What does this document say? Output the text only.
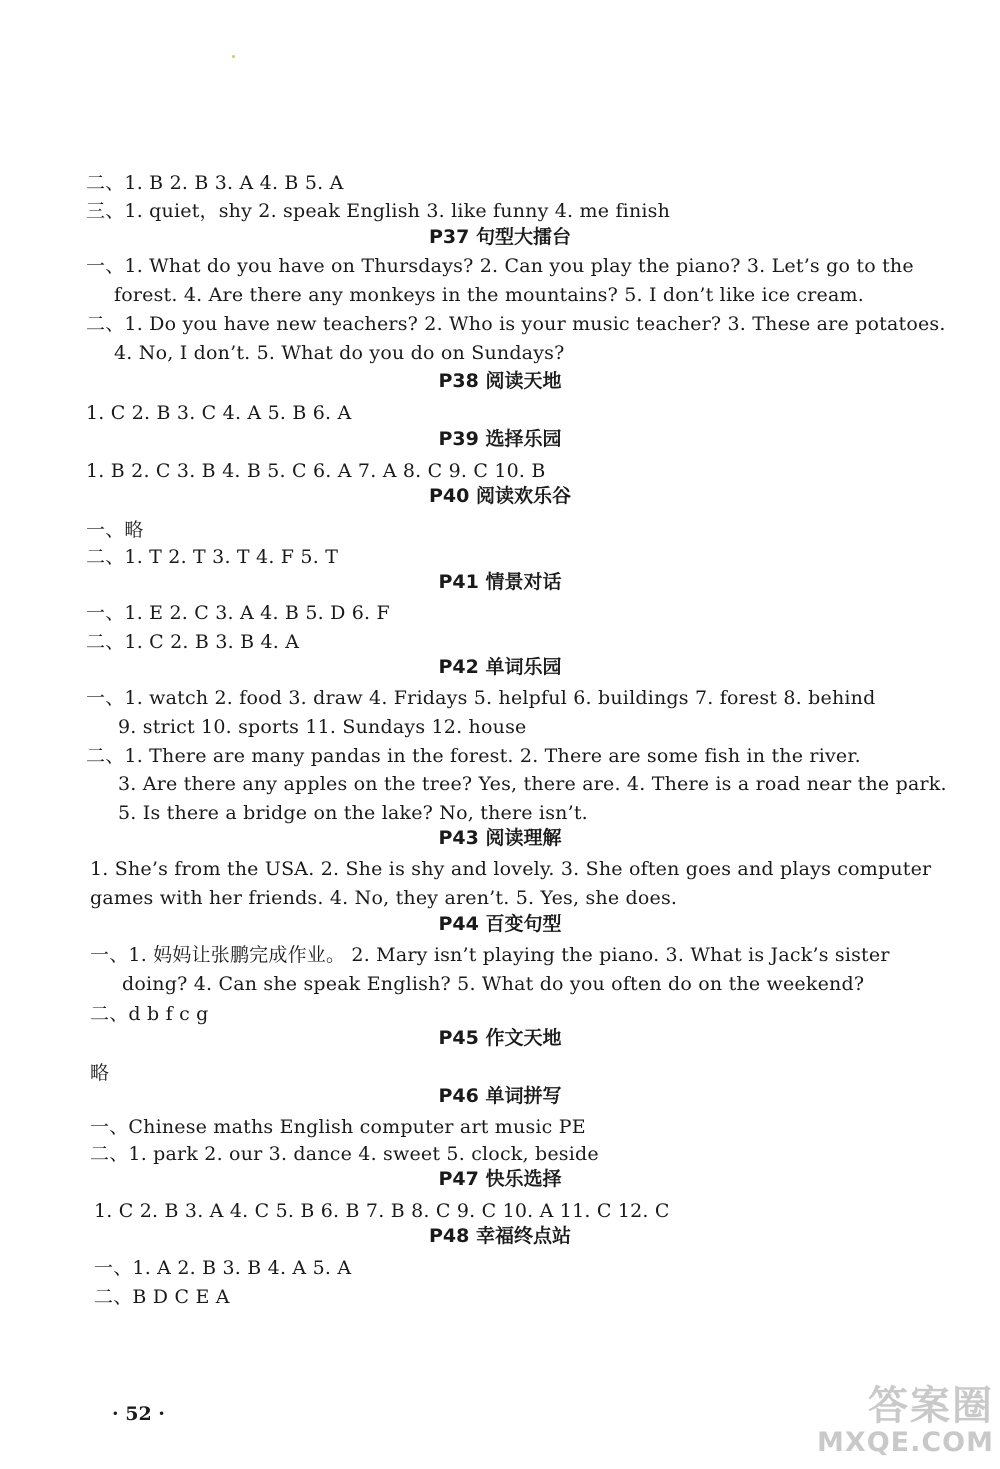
二、1. B 2. B 3. A 4. B 5. A
三、1. quiet，shy 2. speak English 3. like funny 4. me finish
P37 句型大擂台
一、1. What do you have on Thursdays? 2. Can you play the piano? 3. Let’s go to the
forest. 4. Are there any monkeys in the mountains? 5. I don’t like ice cream.
二、1. Do you have new teachers? 2. Who is your music teacher? 3. These are potatoes.
4. No, I don’t. 5. What do you do on Sundays?
P38 阅读天地
1. C 2. B 3. C 4. A 5. B 6. A
P39 选择乐园
1. B 2. C 3. B 4. B 5. C 6. A 7. A 8. C 9. C 10. B
P40 阅读欢乐谷
一、略
二、1. T 2. T 3. T 4. F 5. T
P41 情景对话
一、1. E 2. C 3. A 4. B 5. D 6. F
二、1. C 2. B 3. B 4. A
P42 单词乐园
一、1. watch 2. food 3. draw 4. Fridays 5. helpful 6. buildings 7. forest 8. behind
9. strict 10. sports 11. Sundays 12. house
二、1. There are many pandas in the forest. 2. There are some fish in the river.
3. Are there any apples on the tree? Yes, there are. 4. There is a road near the park.
5. Is there a bridge on the lake? No, there isn’t.
P43 阅读理解
1. She’s from the USA. 2. She is shy and lovely. 3. She often goes and plays computer
games with her friends. 4. No, they aren’t. 5. Yes, she does.
P44 百变句型
一、1. 妈妈让张鹏完成作业。 2. Mary isn’t playing the piano. 3. What is Jack’s sister
doing? 4. Can she speak English? 5. What do you often do on the weekend?
二、d b f c g
P45 作文天地
略
P46 单词拼写
一、Chinese maths English computer art music PE
二、1. park 2. our 3. dance 4. sweet 5. clock, beside
P47 快乐选择
1. C 2. B 3. A 4. C 5. B 6. B 7. B 8. C 9. C 10. A 11. C 12. C
P48 幸福终点站
一、1. A 2. B 3. B 4. A 5. A
二、B D C E A
· 52 ·	答案圈
MXQE.COM
